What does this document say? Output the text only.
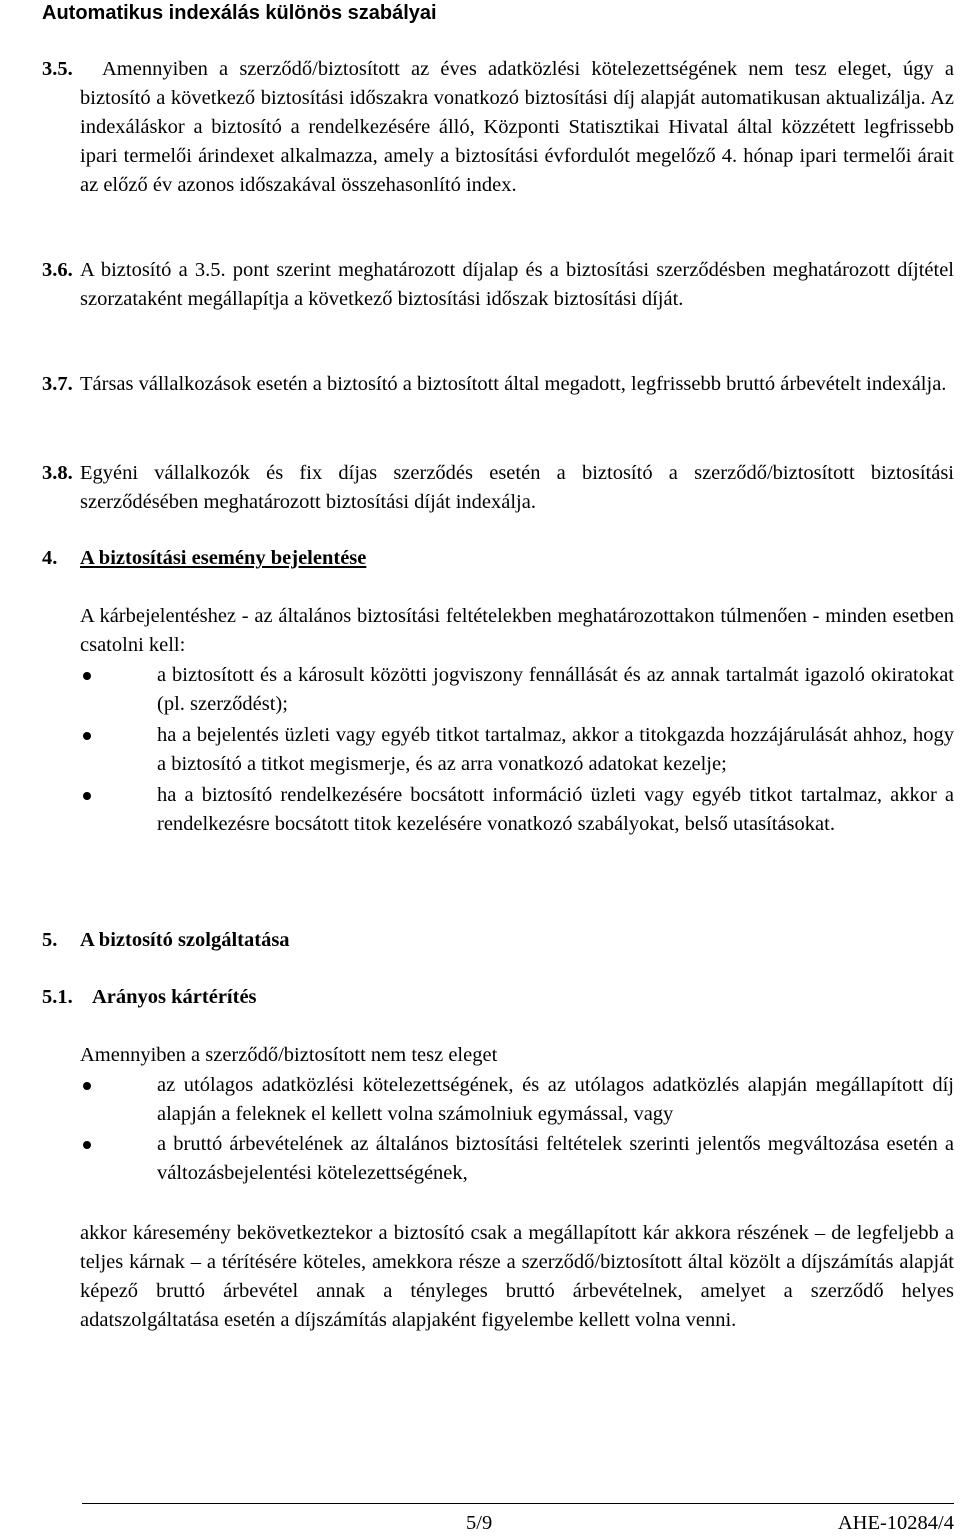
Automatikus indexálás különös szabályai
3.5.	Amennyiben a szerződő/biztosított az éves adatközlési kötelezettségének nem tesz eleget, úgy a biztosító a következő biztosítási időszakra vonatkozó biztosítási díj alapját automatikusan aktualizálja. Az indexáláskor a biztosító a rendelkezésére álló, Központi Statisztikai Hivatal által közzétett legfrissebb ipari termelői árindexet alkalmazza, amely a biztosítási évfordulót megelőző 4. hónap ipari termelői árait az előző év azonos időszakával összehasonlító index.
3.6. A biztosító a 3.5. pont szerint meghatározott díjalap és a biztosítási szerződésben meghatározott díjtétel szorzataként megállapítja a következő biztosítási időszak biztosítási díját.
3.7. Társas vállalkozások esetén a biztosító a biztosított által megadott, legfrissebb bruttó árbevételt indexálja.
3.8. Egyéni vállalkozók és fix díjas szerződés esetén a biztosító a szerződő/biztosított biztosítási szerződésében meghatározott biztosítási díját indexálja.
4. A biztosítási esemény bejelentése
A kárbejelentéshez - az általános biztosítási feltételekben meghatározottakon túlmenően - minden esetben csatolni kell:
a biztosított és a károsult közötti jogviszony fennállását és az annak tartalmát igazoló okiratokat (pl. szerződést);
ha a bejelentés üzleti vagy egyéb titkot tartalmaz, akkor a titokgazda hozzájárulását ahhoz, hogy a biztosító a titkot megismerje, és az arra vonatkozó adatokat kezelje;
ha a biztosító rendelkezésére bocsátott információ üzleti vagy egyéb titkot tartalmaz, akkor a rendelkezésre bocsátott titok kezelésére vonatkozó szabályokat, belső utasításokat.
5. A biztosító szolgáltatása
5.1. Arányos kártérítés
Amennyiben a szerződő/biztosított nem tesz eleget
az utólagos adatközlési kötelezettségének, és az utólagos adatközlés alapján megállapított díj alapján a feleknek el kellett volna számolniuk egymással, vagy
a bruttó árbevételének az általános biztosítási feltételek szerinti jelentős megváltozása esetén a változásbejelentési kötelezettségének,
akkor káresemény bekövetkeztekor a biztosító csak a megállapított kár akkora részének – de legfeljebb a teljes kárnak – a térítésére köteles, amekkora része a szerződő/biztosított által közölt a díjszámítás alapját képező bruttó árbevétel annak a tényleges bruttó árbevételnek, amelyet a szerződő helyes adatszolgáltatása esetén a díjszámítás alapjaként figyelembe kellett volna venni.
5/9	AHE-10284/4
